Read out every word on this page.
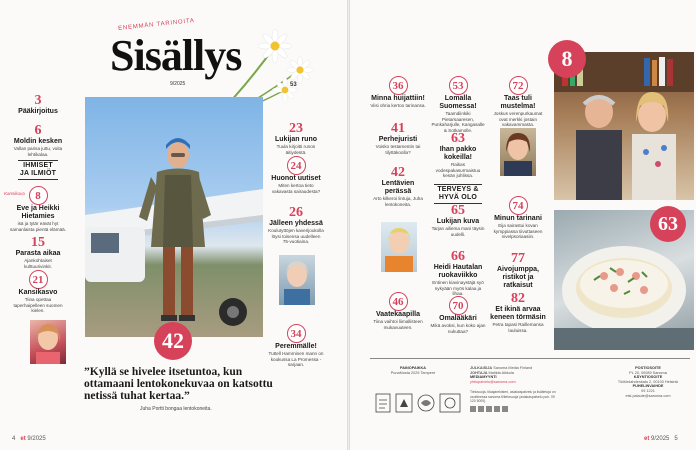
ENEMMÄN TARINOITA
Sisällys
9/2025	53
3
Pääkirjoitus
6
Moldin kesken
Vallan parisa juttu, voita lehtikalaa.
IHMISET JA ILMIÖT
Kansikuva 8
Eve ja Heikki Hietamies
isä ja tytär eävät hyt samanlaista pientä elämää.
15
Parasta aikaa
Ajankohtaiset kulttuurivinkit.
21
Kansikasvo
Tiina opettaa taperhaipelleen suomen kielen.
42
”Kyllä se hivelee itsetuntoa, kun ottamaani lentokonekuvaa on katsottu netissä tuhat kertaa.”
Juha Portti bongaa lentokoneita.
23
Lukijan runo
Tuula kirjoitti runon äitiydestä.
24
Huonot uutiset
Miten kertoa tieto vakavasta sairaudesta?
26
Jälleen yhdessä
Koulutyttöjen kaverijoukolla löysi toisensa uudelleen 75-vuotiaina.
34
Peremmälle!
Tuttell Hamminen mann on koukussa La Promessa -sarjaan.
4 et 9/2025
36
Minna huijattiin!
Viisi ohria kertoo tarinansa.
41
Perhejuristi
Voisko testamentin tai tilyttäkoolla?
42
Lentävien perässä
Arto kilkeroi lintuja, Juha lentokoneita.
46
Vaatekaapilla
Tiina vaihtoi liimallisteen mukavuuteen.
53
Lomalla Suomessa!
Taamdiinkiki Pietarsaaresen, Punkaharjulle, Kangasalle & Sotkamolle.
63
Ihan pakko kokeilla!
Raikas vodespakasurmaistuu kesän juhlissa.
TERVEYS & HYVÄ OLO
65
Lukijan kuva
Tarjan ailiema mani täysin uudelli.
66
Heidi Hautalan ruokaviikko
Entinen kiavinaystäjä syö nykyään myös kalaa ja lihaa.
70
Omalääkäri
Mikä avoksi, kun koko ajan nukuttaa?
72
Taas tuli mustelma!
Joskus verenpurkaumat ovat merkki jostain vakavammasta.
74
Minun tarinani
Eija sairastui kovan kymppiassa tiivuttaseen nivelpsoriaasiin.
77
Aivojumppa, ristikot ja ratkaisut
82
Et ikinä arvaa keneen törmäsin
Petra tapasi Raillemansa lauluissa.
8
63
PAINOPAIKKA
PunaMusta 2025 Tampere
JULKAISIJA Sanoma Media Finland
JOHTAJA Matilda Aikkola
MEDIAMYYNTI
yhtiopalvelu@sanoma.com
Tietosuoja, tilaajarekisteri, asiakaspalvelu ja lisätietoja on osoitteessa sanoma.fi/tietosuoja (asiakaspalvelu puh. 09 120 5000).
POSTIOSOITE
PL 20, 00089 Sanoma
KÄYNTIOSOITE
Töölönlahdenkatu 2, 00100 Helsinki
PUHELINVAIHDE
09 1221
etsi.palaute@sanoma.com
et 9/2025 5
